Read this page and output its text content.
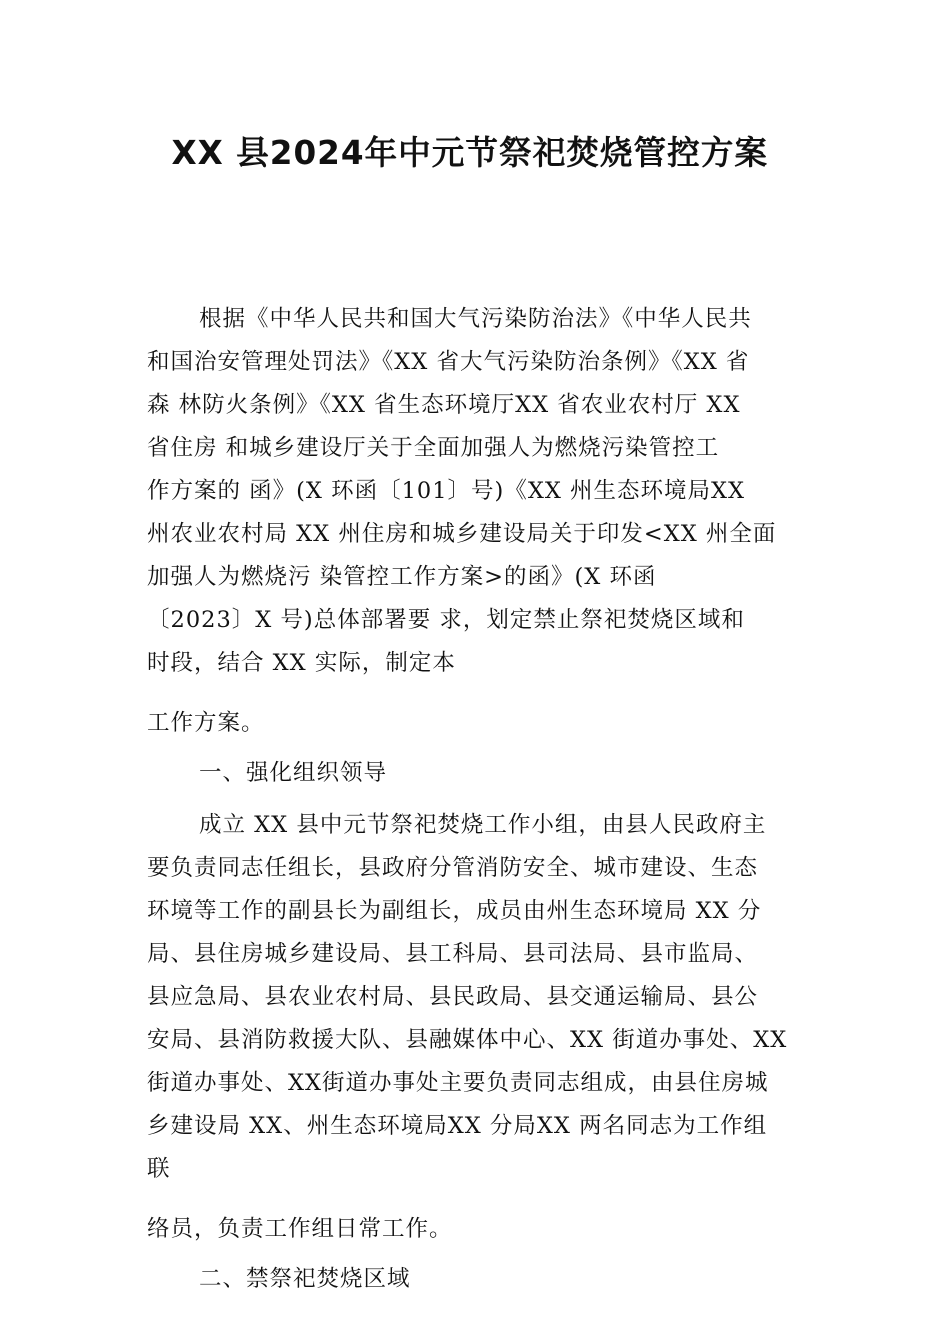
XX 县2024年中元节祭祀焚烧管控方案
根据《中华人民共和国大气污染防治法》《中华人民共
和国治安管理处罚法》《XX 省大气污染防治条例》《XX 省
森 林防火条例》《XX 省生态环境厅XX 省农业农村厅 XX
省住房 和城乡建设厅关于全面加强人为燃烧污染管控工
作方案的 函》(X 环函〔101〕号)《XX 州生态环境局XX
州农业农村局 XX 州住房和城乡建设局关于印发<XX 州全面
加强人为燃烧污 染管控工作方案>的函》(X 环函
〔2023〕X 号)总体部署要 求，划定禁止祭祀焚烧区域和
时段，结合 XX 实际，制定本
工作方案。
一、强化组织领导
成立 XX 县中元节祭祀焚烧工作小组，由县人民政府主
要负责同志任组长，县政府分管消防安全、城市建设、生态
环境等工作的副县长为副组长，成员由州生态环境局 XX 分
局、县住房城乡建设局、县工科局、县司法局、县市监局、
县应急局、县农业农村局、县民政局、县交通运输局、县公
安局、县消防救援大队、县融媒体中心、XX 街道办事处、XX
街道办事处、XX街道办事处主要负责同志组成，由县住房城
乡建设局 XX、州生态环境局XX 分局XX 两名同志为工作组
联
络员，负责工作组日常工作。
二、禁祭祀焚烧区域
